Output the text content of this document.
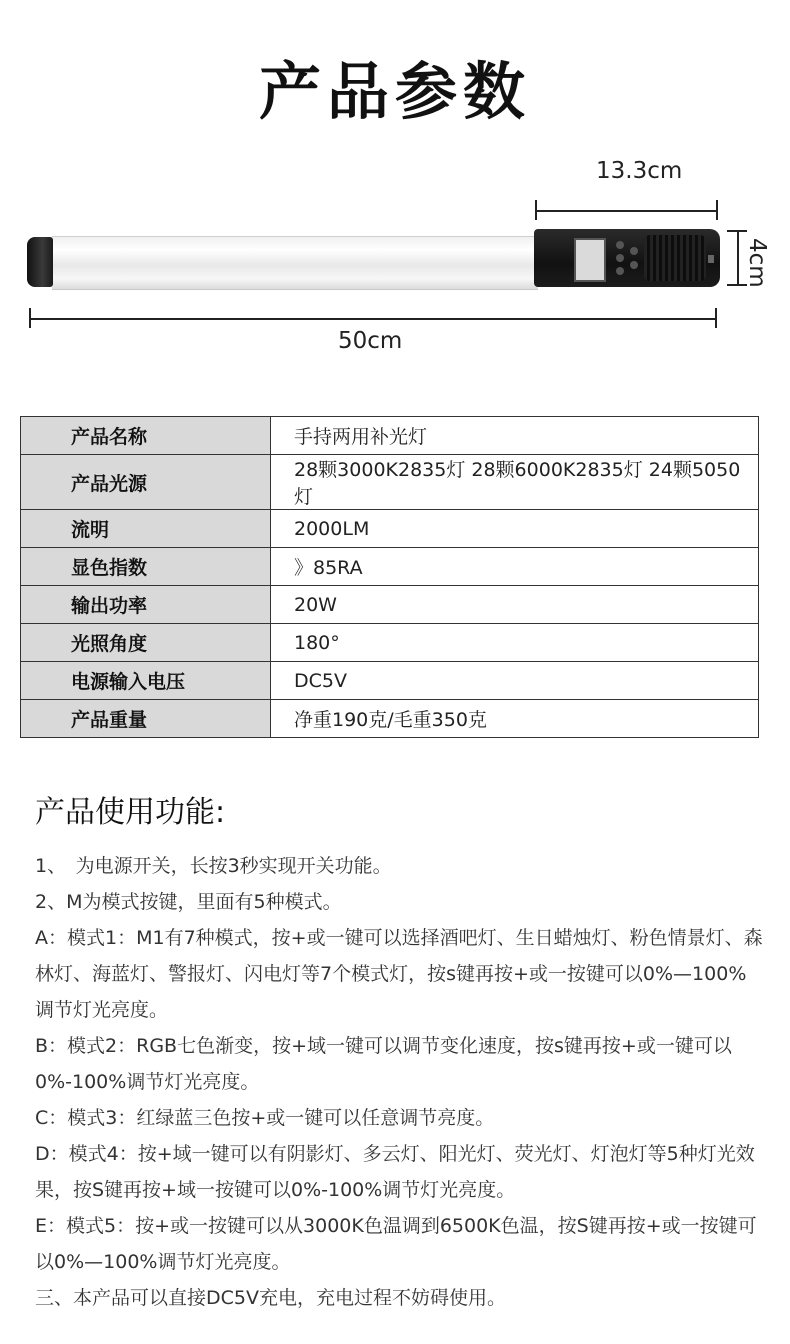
产品参数
13.3cm
4cm
50cm
产品名称	手持两用补光灯
产品光源	28颗3000K2835灯 28颗6000K2835灯 24颗5050灯
流明	2000LM
显色指数	》85RA
输出功率	20W
光照角度	180°
电源输入电压	DC5V
产品重量	净重190克/毛重350克
产品使用功能:

1、　为电源开关，长按3秒实现开关功能。

2、M为模式按键，里面有5种模式。

A：模式1：M1有7种模式，按+或一键可以选择酒吧灯、生日蜡烛灯、粉色情景灯、森林灯、海蓝灯、警报灯、闪电灯等7个模式灯，按s键再按+或一按键可以0%—100%调节灯光亮度。

B：模式2：RGB七色渐变，按+域一键可以调节变化速度，按s键再按+或一键可以0%-100%调节灯光亮度。

C：模式3：红绿蓝三色按+或一键可以任意调节亮度。

D：模式4：按+域一键可以有阴影灯、多云灯、阳光灯、荧光灯、灯泡灯等5种灯光效果，按S键再按+域一按键可以0%-100%调节灯光亮度。

E：模式5：按+或一按键可以从3000K色温调到6500K色温，按S键再按+或一按键可以0%—100%调节灯光亮度。

三、本产品可以直接DC5V充电，充电过程不妨碍使用。
